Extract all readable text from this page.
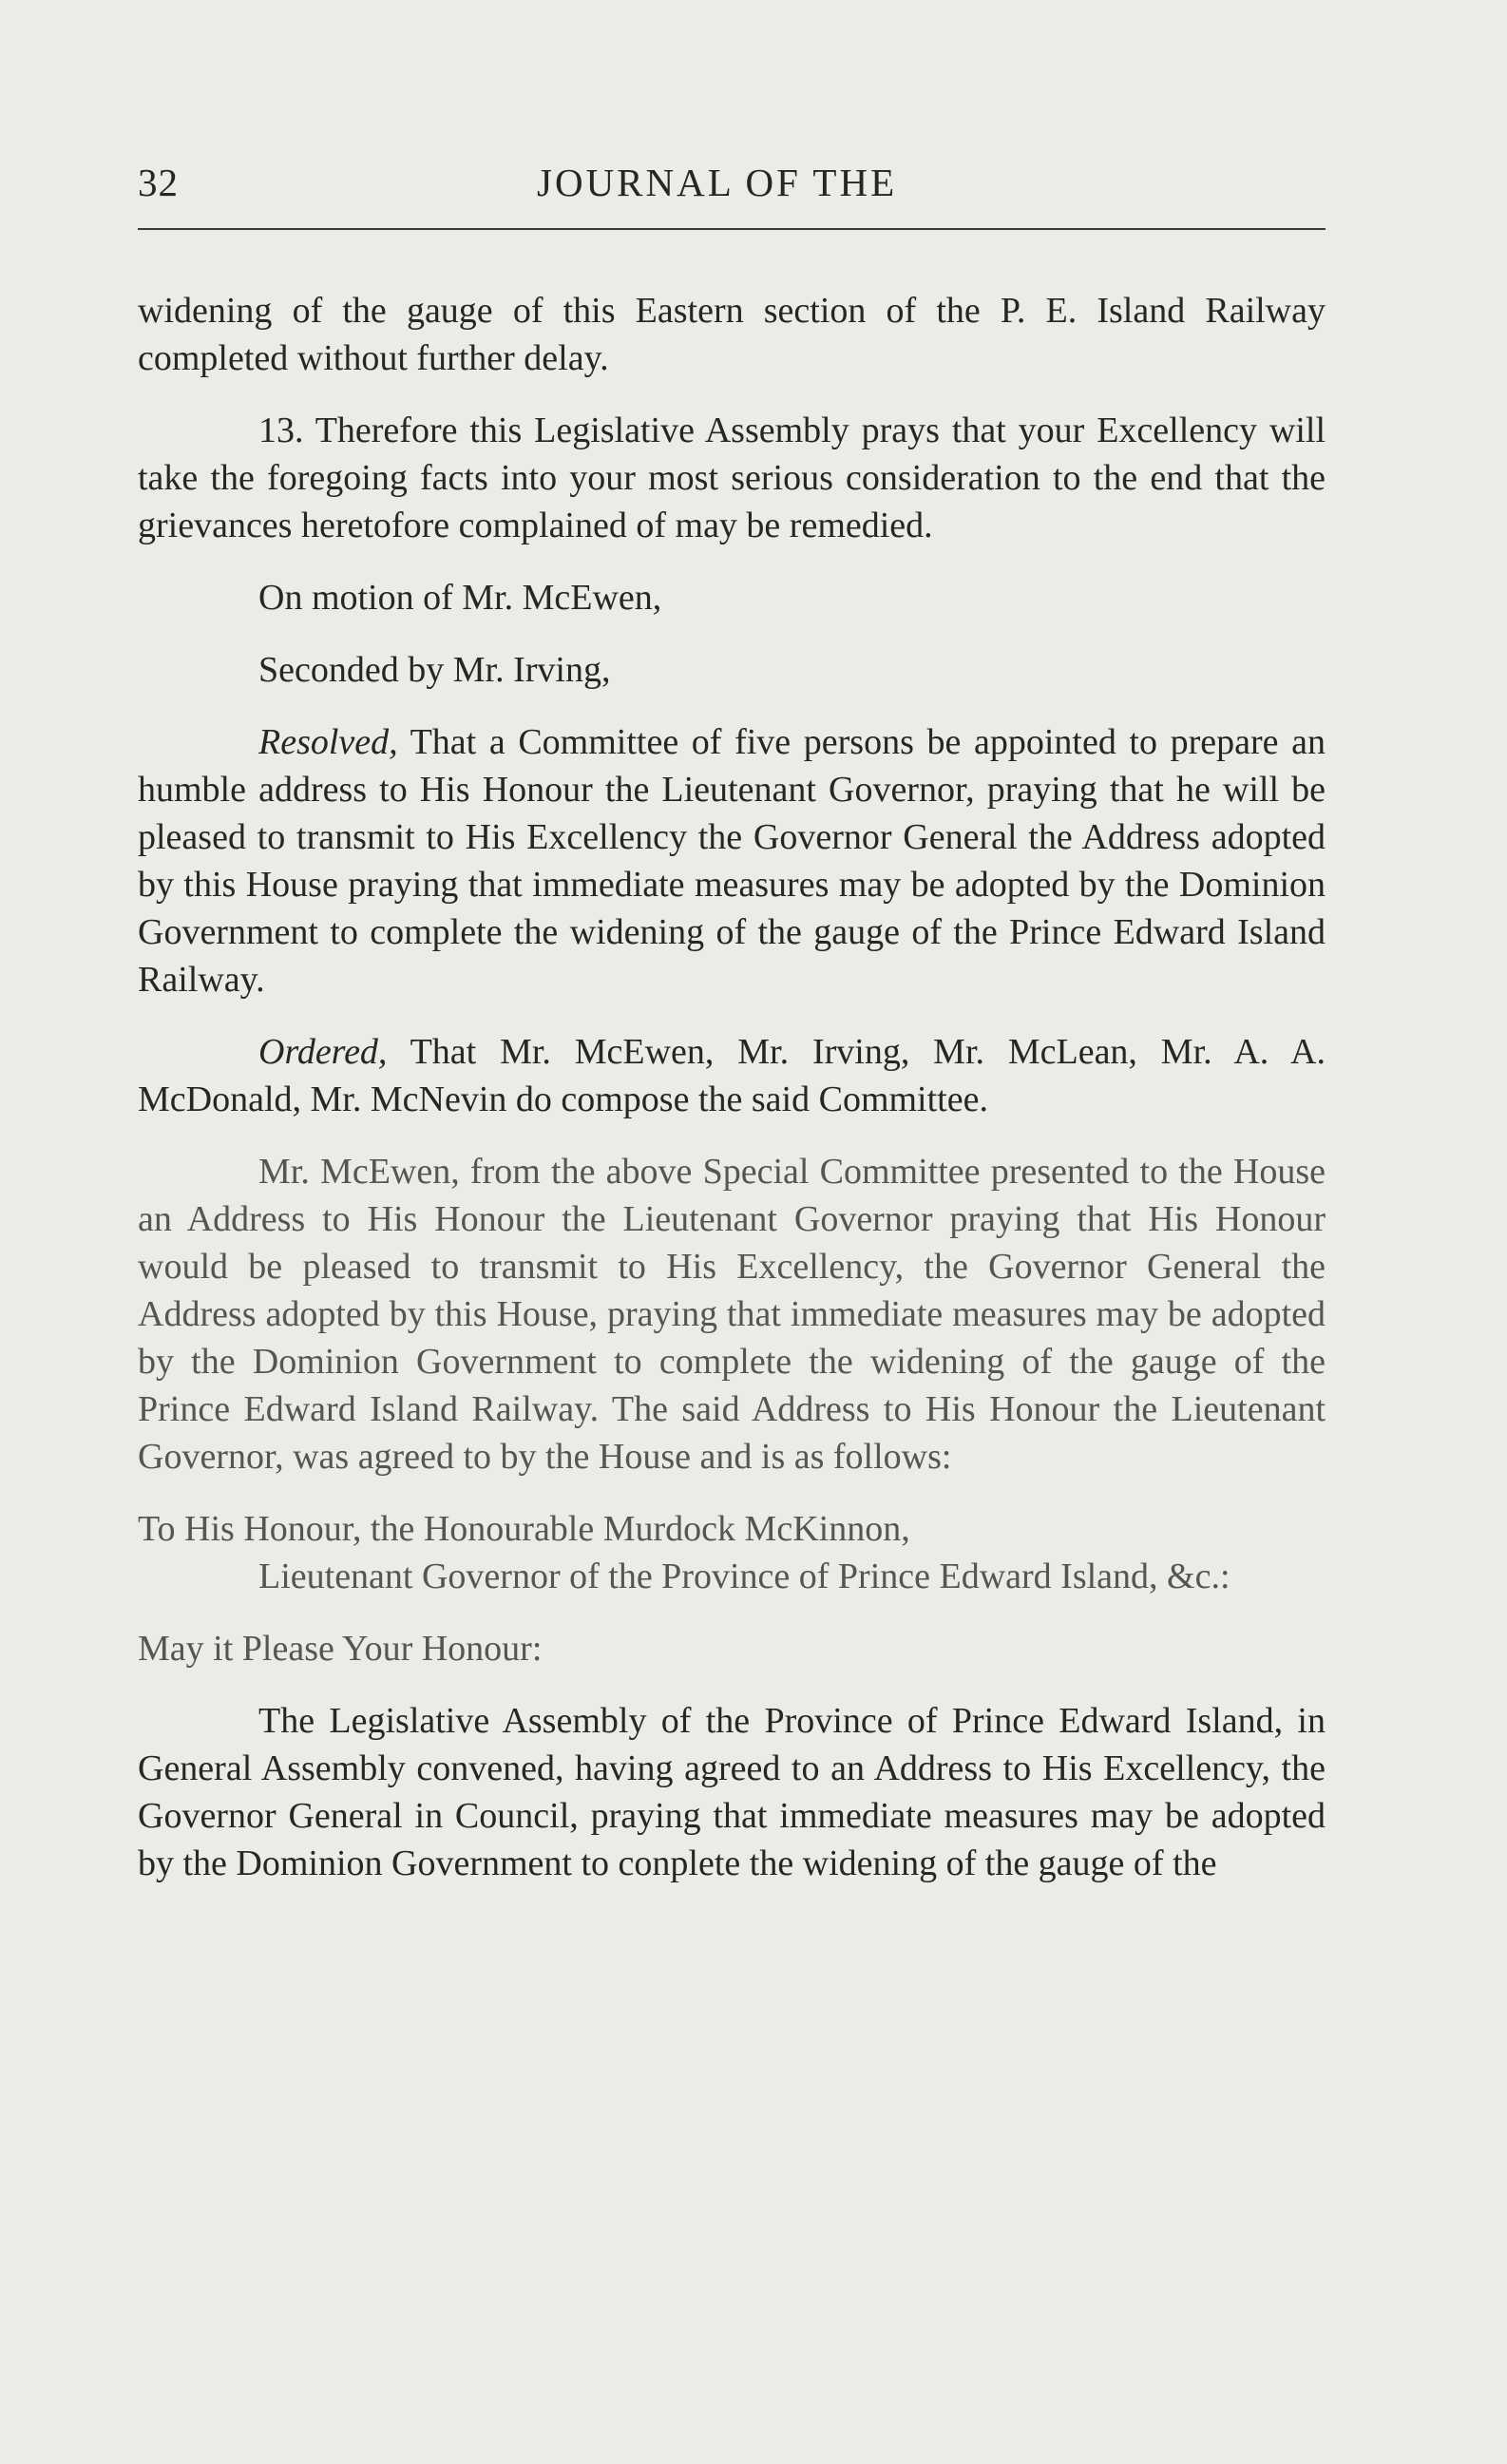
32	JOURNAL OF THE

widening of the gauge of this Eastern section of the P. E. Island Railway completed without further delay.

13. Therefore this Legislative Assembly prays that your Excellency will take the foregoing facts into your most serious consideration to the end that the grievances heretofore complained of may be remedied.

On motion of Mr. McEwen,

Seconded by Mr. Irving,

Resolved, That a Committee of five persons be appointed to prepare an humble address to His Honour the Lieutenant Governor, praying that he will be pleased to transmit to His Excellency the Governor General the Address adopted by this House praying that immediate measures may be adopted by the Dominion Government to complete the widening of the gauge of the Prince Edward Island Railway.

Ordered, That Mr. McEwen, Mr. Irving, Mr. McLean, Mr. A. A. McDonald, Mr. McNevin do compose the said Committee.

Mr. McEwen, from the above Special Committee presented to the House an Address to His Honour the Lieutenant Governor praying that His Honour would be pleased to transmit to His Excellency, the Governor General the Address adopted by this House, praying that immediate measures may be adopted by the Dominion Government to complete the widening of the gauge of the Prince Edward Island Railway. The said Address to His Honour the Lieutenant Governor, was agreed to by the House and is as follows:

To His Honour, the Honourable Murdock McKinnon,
Lieutenant Governor of the Province of Prince Edward Island, &c.:

May it Please Your Honour:

The Legislative Assembly of the Province of Prince Edward Island, in General Assembly convened, having agreed to an Address to His Excellency, the Governor General in Council, praying that immediate measures may be adopted by the Dominion Government to conplete the widening of the gauge of the
